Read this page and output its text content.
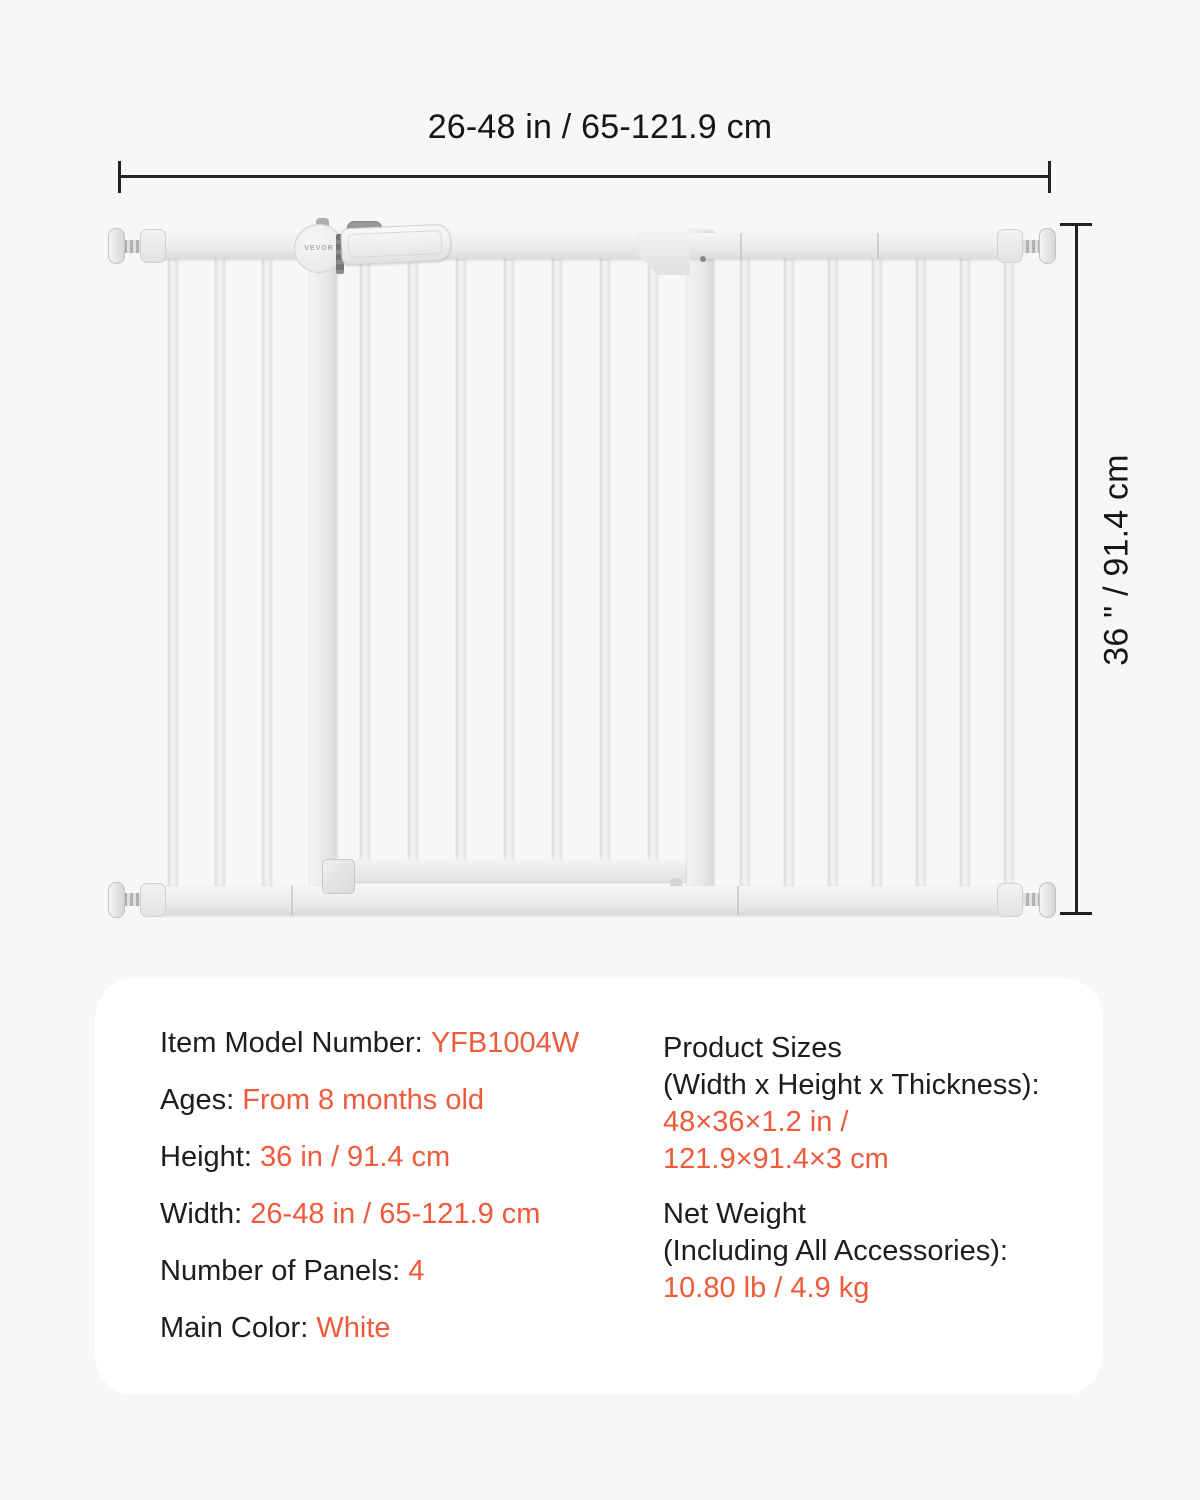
26-48 in / 65-121.9 cm
36 " / 91.4 cm
VEVOR
Item Model Number: YFB1004W
Ages: From 8 months old
Height: 36 in / 91.4 cm
Width: 26-48 in / 65-121.9 cm
Number of Panels: 4
Main Color: White
Product Sizes
(Width x Height x Thickness):
48×36×1.2 in /
121.9×91.4×3 cm
Net Weight
(Including All Accessories):
10.80 lb / 4.9 kg
